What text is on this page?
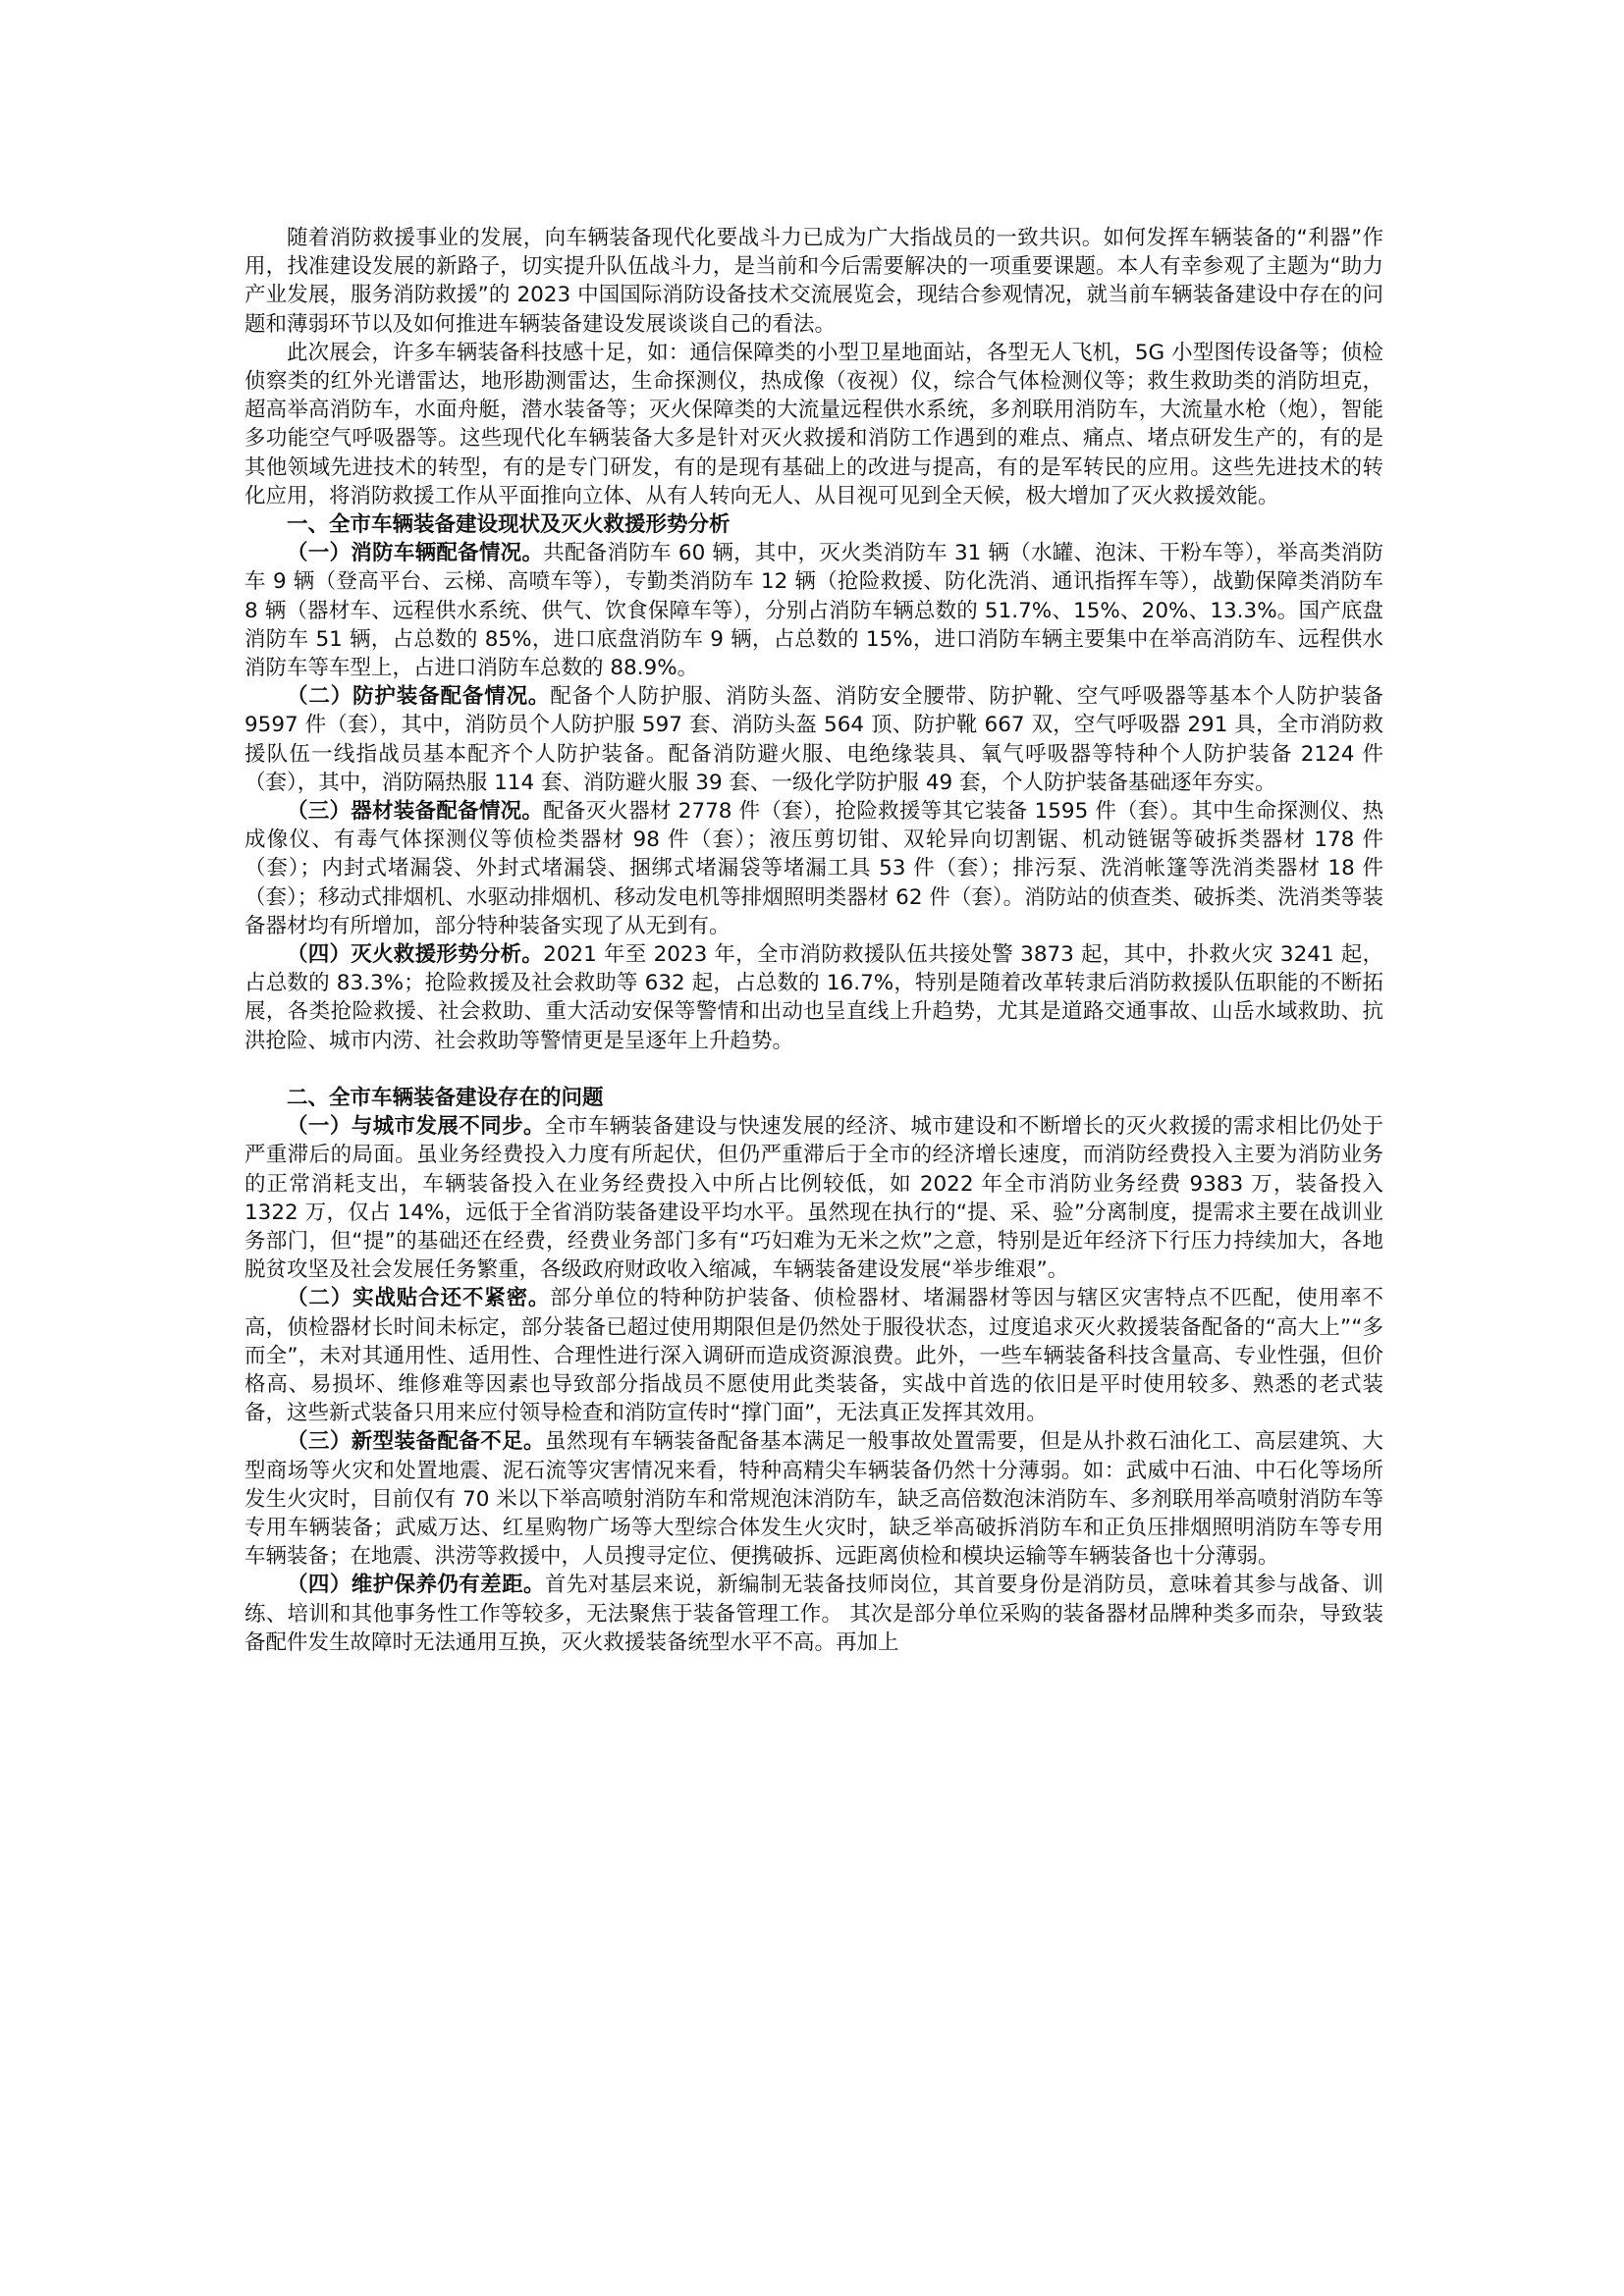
随着消防救援事业的发展，向车辆装备现代化要战斗力已成为广大指战员的一致共识。如何发挥车辆装备的“利器”作用，找准建设发展的新路子，切实提升队伍战斗力，是当前和今后需要解决的一项重要课题。本人有幸参观了主题为“助力产业发展，服务消防救援”的 2023 中国国际消防设备技术交流展览会，现结合参观情况，就当前车辆装备建设中存在的问题和薄弱环节以及如何推进车辆装备建设发展谈谈自己的看法。

此次展会，许多车辆装备科技感十足，如：通信保障类的小型卫星地面站，各型无人飞机，5G 小型图传设备等；侦检侦察类的红外光谱雷达，地形勘测雷达，生命探测仪，热成像（夜视）仪，综合气体检测仪等；救生救助类的消防坦克，超高举高消防车，水面舟艇，潜水装备等；灭火保障类的大流量远程供水系统，多剂联用消防车，大流量水枪（炮），智能多功能空气呼吸器等。这些现代化车辆装备大多是针对灭火救援和消防工作遇到的难点、痛点、堵点研发生产的，有的是其他领域先进技术的转型，有的是专门研发，有的是现有基础上的改进与提高，有的是军转民的应用。这些先进技术的转化应用，将消防救援工作从平面推向立体、从有人转向无人、从目视可见到全天候，极大增加了灭火救援效能。

一、全市车辆装备建设现状及灭火救援形势分析

（一）消防车辆配备情况。共配备消防车 60 辆，其中，灭火类消防车 31 辆（水罐、泡沫、干粉车等），举高类消防车 9 辆（登高平台、云梯、高喷车等），专勤类消防车 12 辆（抢险救援、防化洗消、通讯指挥车等），战勤保障类消防车 8 辆（器材车、远程供水系统、供气、饮食保障车等），分别占消防车辆总数的 51.7%、15%、20%、13.3%。国产底盘消防车 51 辆，占总数的 85%，进口底盘消防车 9 辆，占总数的 15%，进口消防车辆主要集中在举高消防车、远程供水消防车等车型上，占进口消防车总数的 88.9%。

（二）防护装备配备情况。配备个人防护服、消防头盔、消防安全腰带、防护靴、空气呼吸器等基本个人防护装备 9597 件（套），其中，消防员个人防护服 597 套、消防头盔 564 顶、防护靴 667 双，空气呼吸器 291 具，全市消防救援队伍一线指战员基本配齐个人防护装备。配备消防避火服、电绝缘装具、氧气呼吸器等特种个人防护装备 2124 件（套），其中，消防隔热服 114 套、消防避火服 39 套、一级化学防护服 49 套，个人防护装备基础逐年夯实。

（三）器材装备配备情况。配备灭火器材 2778 件（套），抢险救援等其它装备 1595 件（套）。其中生命探测仪、热成像仪、有毒气体探测仪等侦检类器材 98 件（套）；液压剪切钳、双轮异向切割锯、机动链锯等破拆类器材 178 件（套）；内封式堵漏袋、外封式堵漏袋、捆绑式堵漏袋等堵漏工具 53 件（套）；排污泵、洗消帐篷等洗消类器材 18 件（套）；移动式排烟机、水驱动排烟机、移动发电机等排烟照明类器材 62 件（套）。消防站的侦查类、破拆类、洗消类等装备器材均有所增加，部分特种装备实现了从无到有。

（四）灭火救援形势分析。2021 年至 2023 年，全市消防救援队伍共接处警 3873 起，其中，扑救火灾 3241 起，占总数的 83.3%；抢险救援及社会救助等 632 起，占总数的 16.7%，特别是随着改革转隶后消防救援队伍职能的不断拓展，各类抢险救援、社会救助、重大活动安保等警情和出动也呈直线上升趋势，尤其是道路交通事故、山岳水域救助、抗洪抢险、城市内涝、社会救助等警情更是呈逐年上升趋势。

二、全市车辆装备建设存在的问题

（一）与城市发展不同步。全市车辆装备建设与快速发展的经济、城市建设和不断增长的灭火救援的需求相比仍处于严重滞后的局面。虽业务经费投入力度有所起伏，但仍严重滞后于全市的经济增长速度，而消防经费投入主要为消防业务的正常消耗支出，车辆装备投入在业务经费投入中所占比例较低，如 2022 年全市消防业务经费 9383 万，装备投入 1322 万，仅占 14%，远低于全省消防装备建设平均水平。虽然现在执行的“提、采、验”分离制度，提需求主要在战训业务部门，但“提”的基础还在经费，经费业务部门多有“巧妇难为无米之炊”之意，特别是近年经济下行压力持续加大，各地脱贫攻坚及社会发展任务繁重，各级政府财政收入缩减，车辆装备建设发展“举步维艰”。

（二）实战贴合还不紧密。部分单位的特种防护装备、侦检器材、堵漏器材等因与辖区灾害特点不匹配，使用率不高，侦检器材长时间未标定，部分装备已超过使用期限但是仍然处于服役状态，过度追求灭火救援装备配备的“高大上”“多而全”，未对其通用性、适用性、合理性进行深入调研而造成资源浪费。此外，一些车辆装备科技含量高、专业性强，但价格高、易损坏、维修难等因素也导致部分指战员不愿使用此类装备，实战中首选的依旧是平时使用较多、熟悉的老式装备，这些新式装备只用来应付领导检查和消防宣传时“撑门面”，无法真正发挥其效用。

（三）新型装备配备不足。虽然现有车辆装备配备基本满足一般事故处置需要，但是从扑救石油化工、高层建筑、大型商场等火灾和处置地震、泥石流等灾害情况来看，特种高精尖车辆装备仍然十分薄弱。如：武威中石油、中石化等场所发生火灾时，目前仅有 70 米以下举高喷射消防车和常规泡沫消防车，缺乏高倍数泡沫消防车、多剂联用举高喷射消防车等专用车辆装备；武威万达、红星购物广场等大型综合体发生火灾时，缺乏举高破拆消防车和正负压排烟照明消防车等专用车辆装备；在地震、洪涝等救援中，人员搜寻定位、便携破拆、远距离侦检和模块运输等车辆装备也十分薄弱。

（四）维护保养仍有差距。首先对基层来说，新编制无装备技师岗位，其首要身份是消防员，意味着其参与战备、训练、培训和其他事务性工作等较多，无法聚焦于装备管理工作。 其次是部分单位采购的装备器材品牌种类多而杂，导致装备配件发生故障时无法通用互换，灭火救援装备统型水平不高。再加上
